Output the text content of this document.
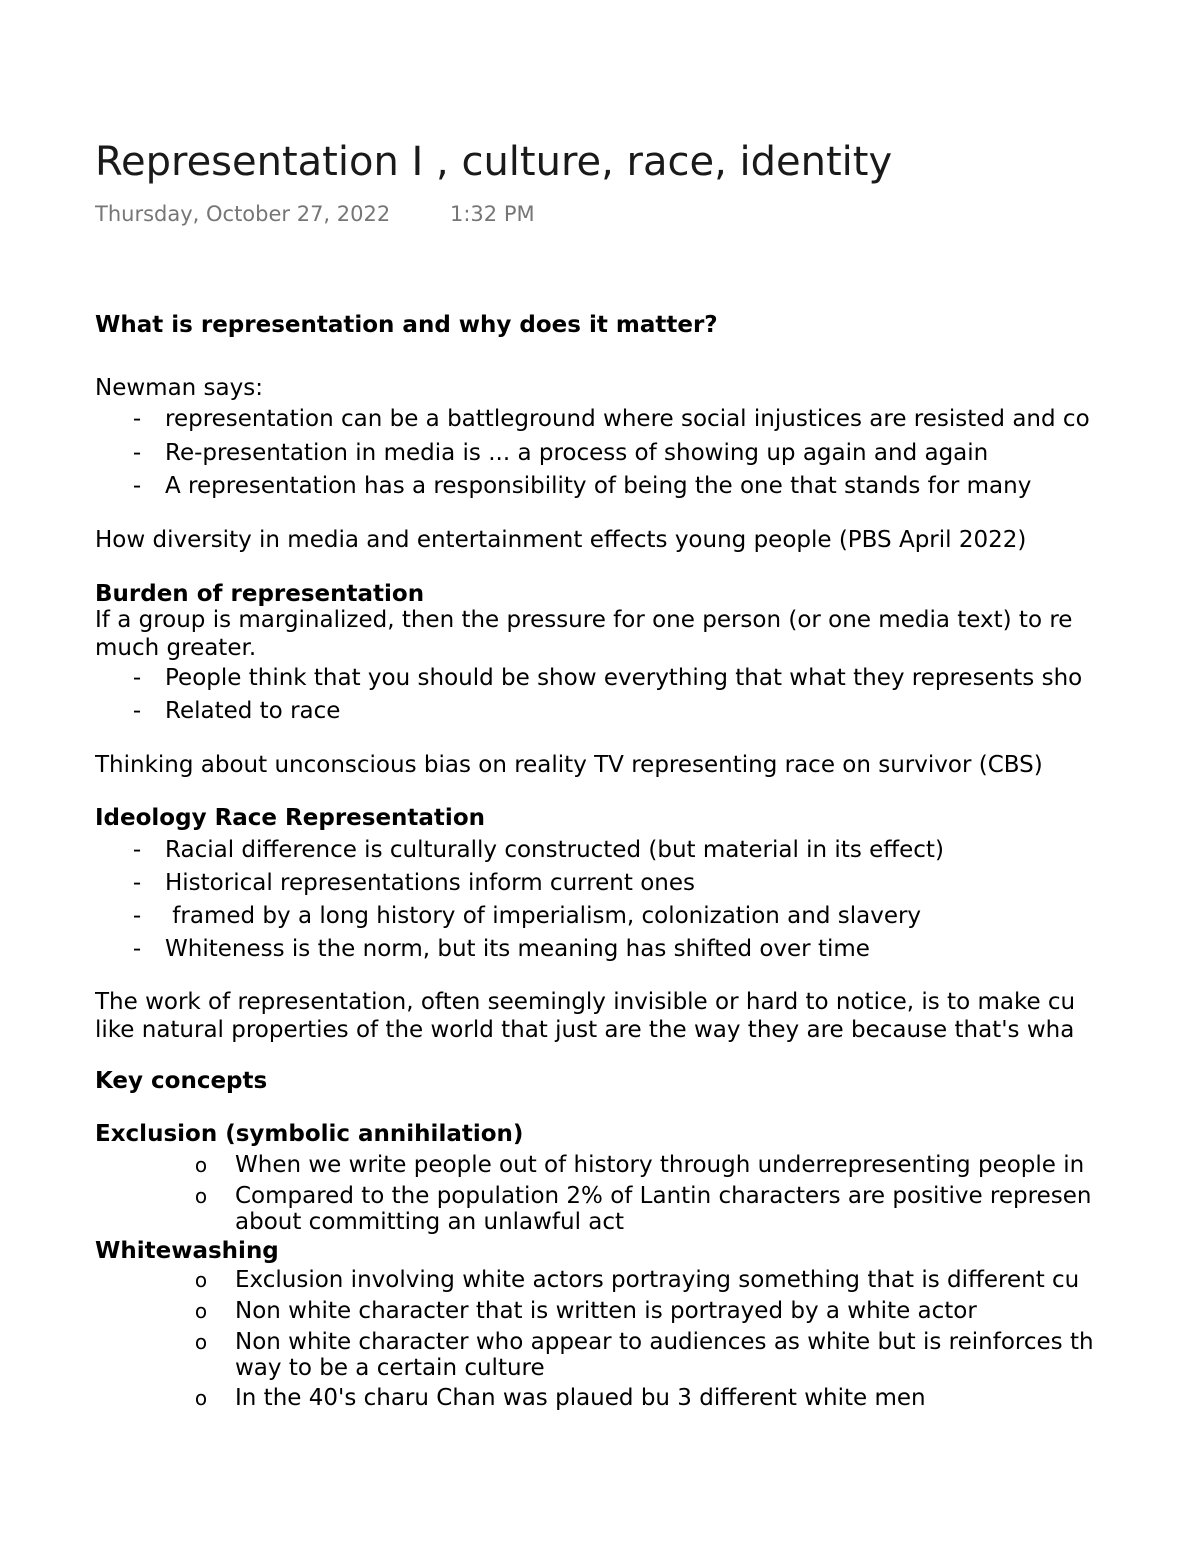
Representation I , culture, race, identity
Thursday, October 27, 2022	1:32 PM
What is representation and why does it matter?
Newman says:
- representation can be a battleground where social injustices are resisted and co
- Re-presentation in media is ... a process of showing up again and again
- A representation has a responsibility of being the one that stands for many
How diversity in media and entertainment effects young people (PBS April 2022)
Burden of representation
If a group is marginalized, then the pressure for one person (or one media text) to re
much greater.
- People think that you should be show everything that what they represents sho
- Related to race
Thinking about unconscious bias on reality TV representing race on survivor (CBS)
Ideology Race Representation
- Racial difference is culturally constructed (but material in its effect)
- Historical representations inform current ones
- framed by a long history of imperialism, colonization and slavery
- Whiteness is the norm, but its meaning has shifted over time
The work of representation, often seemingly invisible or hard to notice, is to make cu
like natural properties of the world that just are the way they are because that's wha
Key concepts
Exclusion (symbolic annihilation)
o When we write people out of history through underrepresenting people in
o Compared to the population 2% of Lantin characters are positive represen
about committing an unlawful act
Whitewashing
o Exclusion involving white actors portraying something that is different cu
o Non white character that is written is portrayed by a white actor
o Non white character who appear to audiences as white but is reinforces th
way to be a certain culture
o In the 40's charu Chan was plaued bu 3 different white men
